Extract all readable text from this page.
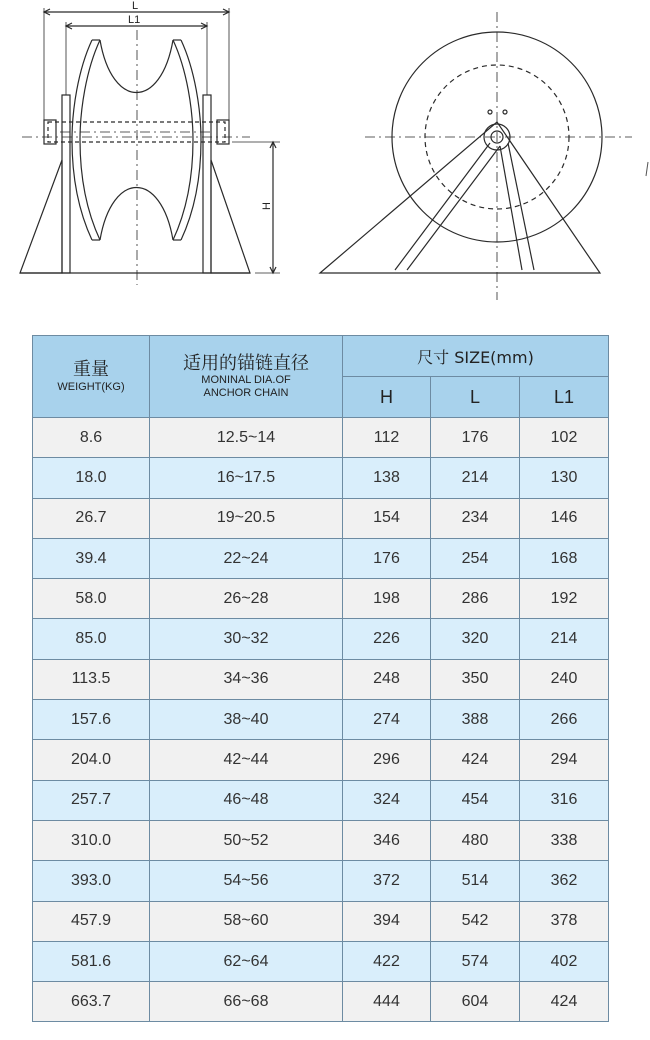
L
L1
H
重量
WEIGHT(KG)	适用的锚链直径
MONINAL DIA.OF
ANCHOR CHAIN	尺寸 SIZE(mm)		
		H	L	L1
8.6	12.5~14	112	176	102
18.0	16~17.5	138	214	130
26.7	19~20.5	154	234	146
39.4	22~24	176	254	168
58.0	26~28	198	286	192
85.0	30~32	226	320	214
113.5	34~36	248	350	240
157.6	38~40	274	388	266
204.0	42~44	296	424	294
257.7	46~48	324	454	316
310.0	50~52	346	480	338
393.0	54~56	372	514	362
457.9	58~60	394	542	378
581.6	62~64	422	574	402
663.7	66~68	444	604	424
